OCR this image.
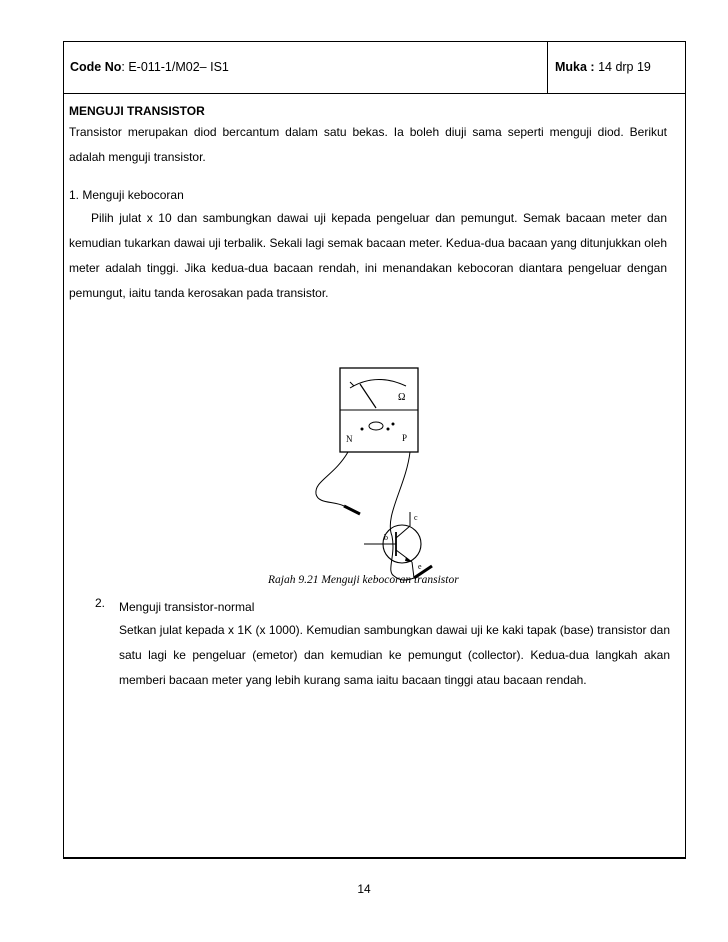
Code No: E-011-1/M02– IS1	Muka : 14 drp 19

MENGUJI TRANSISTOR

Transistor merupakan diod bercantum dalam satu bekas. Ia boleh diuji sama seperti menguji diod. Berikut adalah menguji transistor.

1. Menguji kebocoran

Pilih julat x 10 dan sambungkan dawai uji kepada pengeluar dan pemungut. Semak bacaan meter dan kemudian tukarkan dawai uji terbalik. Sekali lagi semak bacaan meter. Kedua-dua bacaan yang ditunjukkan oleh meter adalah tinggi. Jika kedua-dua bacaan rendah, ini menandakan kebocoran diantara pengeluar dengan pemungut, iaitu tanda kerosakan pada transistor.

Ω
N	P
c
b
e
Rajah 9.21 Menguji kebocoran transistor
2. Menguji transistor-normal

Setkan julat kepada x 1K (x 1000). Kemudian sambungkan dawai uji ke kaki tapak (base) transistor dan satu lagi ke pengeluar (emetor) dan kemudian ke pemungut (collector). Kedua-dua langkah akan memberi bacaan meter yang lebih kurang sama iaitu bacaan tinggi atau bacaan rendah.

14
